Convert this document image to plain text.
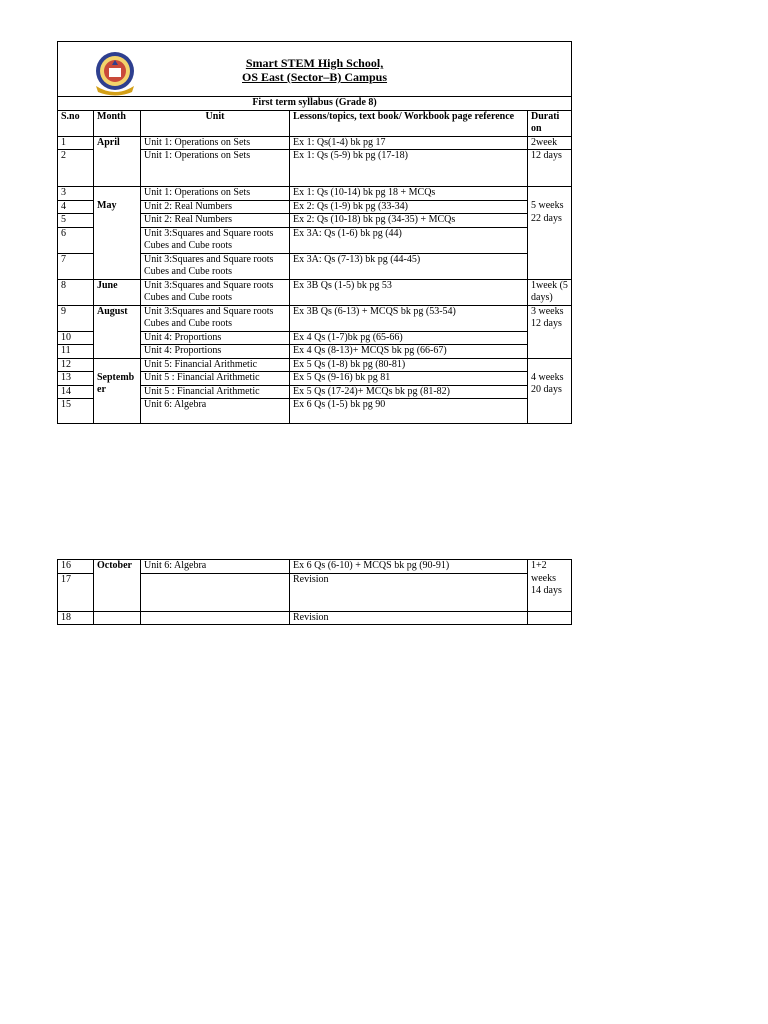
Smart STEM High School,
OS East (Sector–B) Campus				

First term syllabus (Grade 8)				
S.no	Month	Unit	Lessons/topics, text book/ Workbook page reference	Durati
on
1	April	Unit 1: Operations on Sets	Ex 1: Qs(1-4) bk pg 17	2week
2		Unit 1: Operations on Sets	Ex 1: Qs (5-9) bk pg (17-18)	12 days
3	May	Unit 1: Operations on Sets	Ex 1: Qs (10-14) bk pg 18 + MCQs	5 weeks 22 days
4		Unit 2: Real Numbers	Ex 2: Qs (1-9) bk pg (33-34)	
5		Unit 2: Real Numbers	Ex 2: Qs (10-18) bk pg (34-35) + MCQs	
6		Unit 3:Squares and Square roots
Cubes and Cube roots	Ex 3A: Qs (1-6) bk pg (44)	
7		Unit 3:Squares and Square roots
Cubes and Cube roots	Ex 3A: Qs (7-13) bk pg (44-45)	
8	June	Unit 3:Squares and Square roots
Cubes and Cube roots	Ex 3B Qs (1-5) bk pg 53	1week (5 days)
9	August	Unit 3:Squares and Square roots
Cubes and Cube roots	Ex 3B Qs (6-13) + MCQS bk pg (53-54)	3 weeks 12 days
10		Unit 4: Proportions	Ex 4 Qs (1-7)bk pg (65-66)	
11		Unit 4: Proportions	Ex 4 Qs (8-13)+ MCQS bk pg (66-67)	
12	September	Unit 5: Financial Arithmetic	Ex 5 Qs (1-8) bk pg (80-81)	4 weeks 20 days
13		Unit 5 : Financial Arithmetic	Ex 5 Qs (9-16) bk pg 81	
14		Unit 5 : Financial Arithmetic	Ex 5 Qs (17-24)+ MCQs bk pg (81-82)	
15		Unit 6: Algebra	Ex 6 Qs (1-5) bk pg 90	
16	October	Unit 6: Algebra	Ex 6 Qs (6-10) + MCQS bk pg (90-91)	1+2 weeks 14 days
17			Revision	
18			Revision	
